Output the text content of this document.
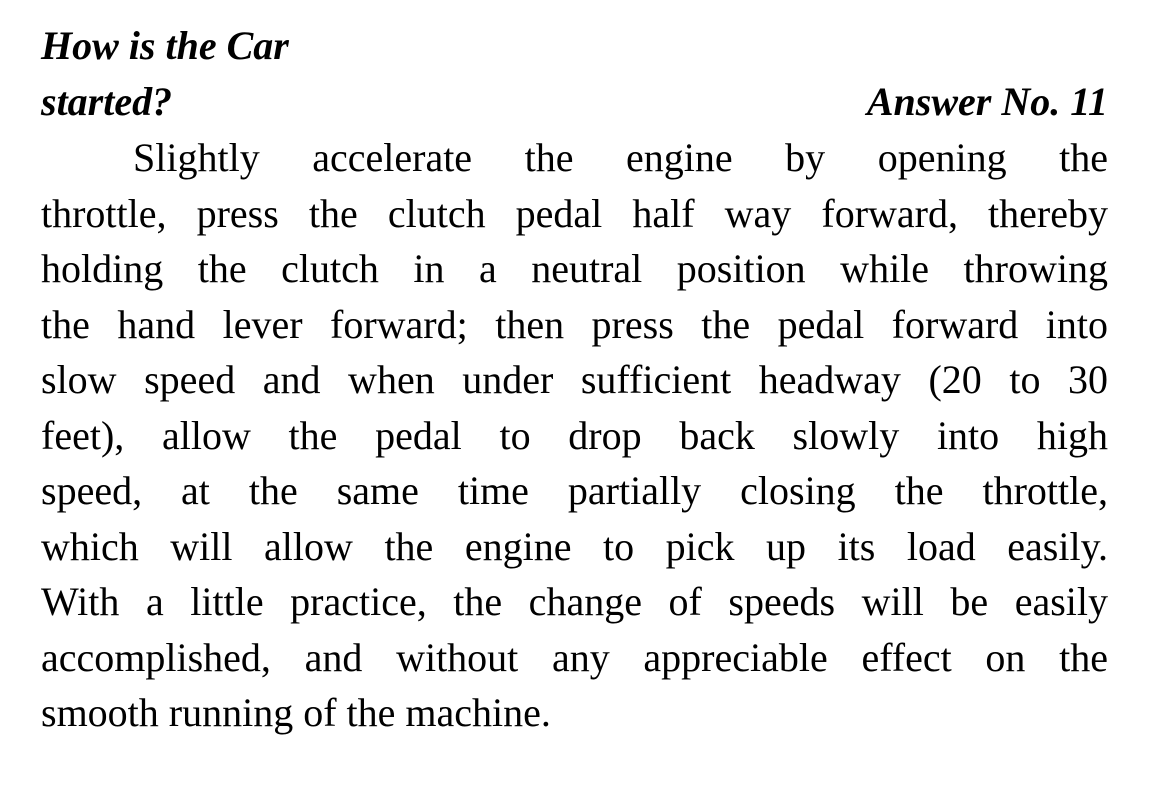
How is the Car
started?	Answer No. 11
Slightly accelerate the engine by opening the
throttle, press the clutch pedal half way forward, thereby
holding the clutch in a neutral position while throwing
the hand lever forward; then press the pedal forward into
slow speed and when under sufficient headway (20 to 30
feet), allow the pedal to drop back slowly into high
speed, at the same time partially closing the throttle,
which will allow the engine to pick up its load easily.
With a little practice, the change of speeds will be easily
accomplished, and without any appreciable effect on the
smooth running of the machine.
